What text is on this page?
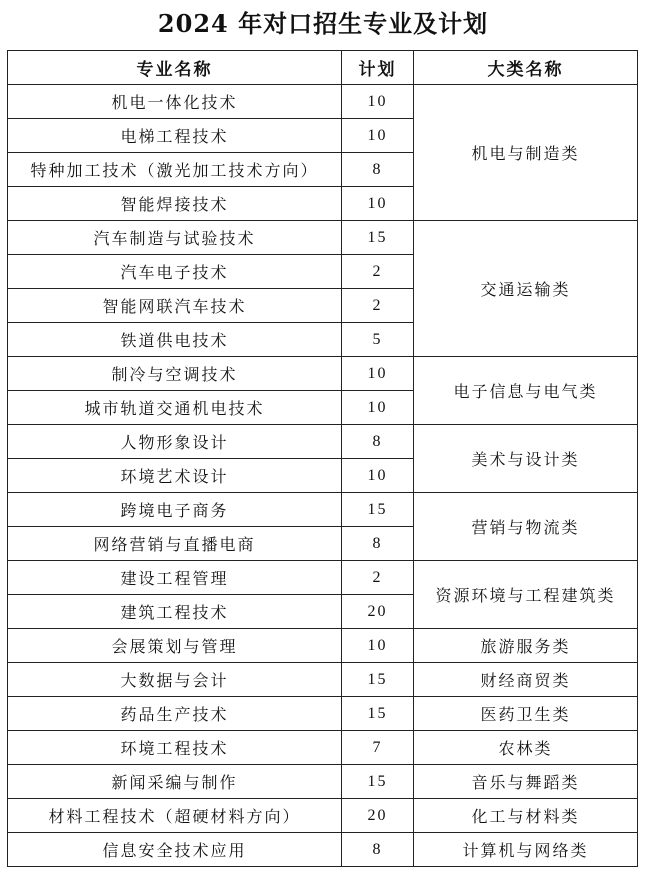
2024 年对口招生专业及计划
专业名称	计划	大类名称
机电一体化技术	10	机电与制造类
电梯工程技术	10	
特种加工技术（激光加工技术方向）	8	
智能焊接技术	10	
汽车制造与试验技术	15	交通运输类
汽车电子技术	2	
智能网联汽车技术	2	
铁道供电技术	5	
制冷与空调技术	10	电子信息与电气类
城市轨道交通机电技术	10	
人物形象设计	8	美术与设计类
环境艺术设计	10	
跨境电子商务	15	营销与物流类
网络营销与直播电商	8	
建设工程管理	2	资源环境与工程建筑类
建筑工程技术	20	
会展策划与管理	10	旅游服务类
大数据与会计	15	财经商贸类
药品生产技术	15	医药卫生类
环境工程技术	7	农林类
新闻采编与制作	15	音乐与舞蹈类
材料工程技术（超硬材料方向）	20	化工与材料类
信息安全技术应用	8	计算机与网络类
